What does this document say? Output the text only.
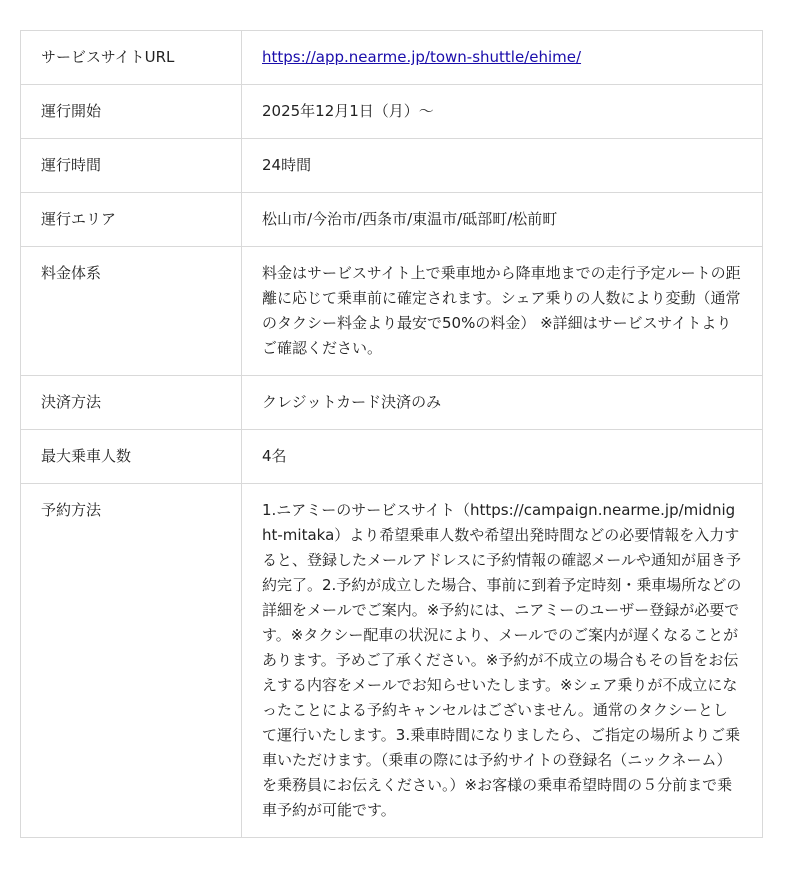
サービスサイトURL	https://app.nearme.jp/town-shuttle/ehime/
運行開始	2025年12月1日（月）〜
運行時間	24時間
運行エリア	松山市/今治市/西条市/東温市/砥部町/松前町
料金体系	料金はサービスサイト上で乗車地から降車地までの走行予定ルートの距離に応じて乗車前に確定されます。シェア乗りの人数により変動（通常のタクシー料金より最安で50%の料金） ※詳細はサービスサイトよりご確認ください。
決済方法	クレジットカード決済のみ
最大乗車人数	4名
予約方法	1.ニアミーのサービスサイト（https://campaign.nearme.jp/midnight-mitaka）より希望乗車人数や希望出発時間などの必要情報を入力すると、登録したメールアドレスに予約情報の確認メールや通知が届き予約完了。2.予約が成立した場合、事前に到着予定時刻・乗車場所などの詳細をメールでご案内。※予約には、ニアミーのユーザー登録が必要です。※タクシー配車の状況により、メールでのご案内が遅くなることがあります。予めご了承ください。※予約が不成立の場合もその旨をお伝えする内容をメールでお知らせいたします。※シェア乗りが不成立になったことによる予約キャンセルはございません。通常のタクシーとして運行いたします。3.乗車時間になりましたら、ご指定の場所よりご乗車いただけます。（乗車の際には予約サイトの登録名（ニックネーム）を乗務員にお伝えください。）※お客様の乗車希望時間の５分前まで乗車予約が可能です。
